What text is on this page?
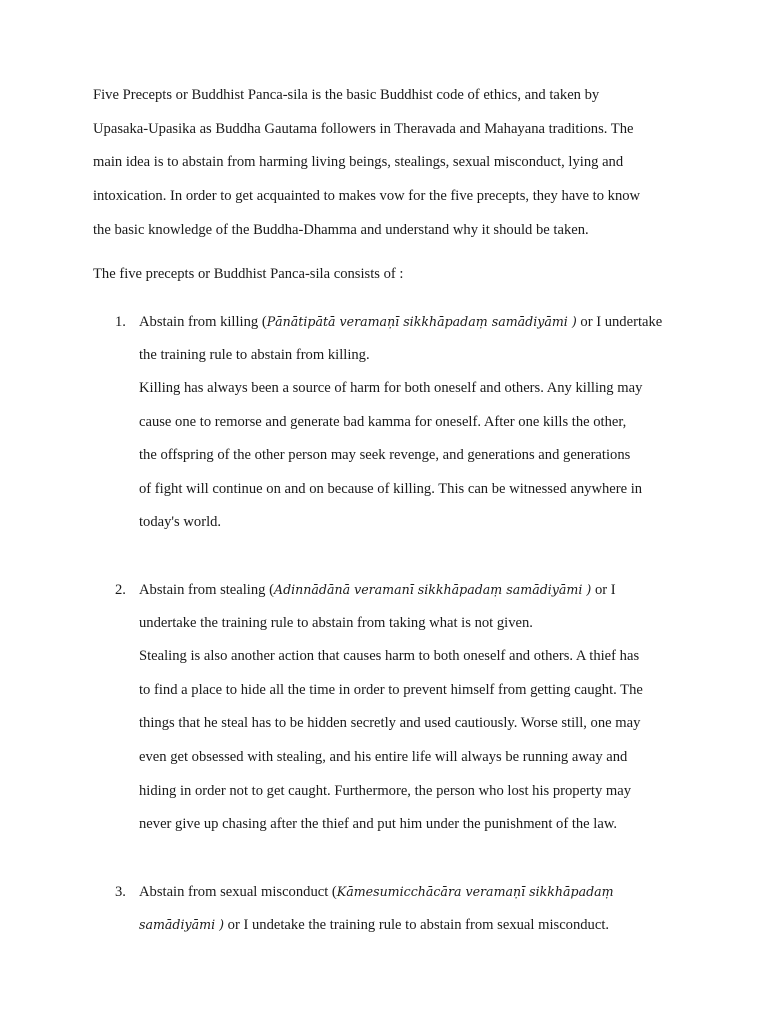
Five Precepts or Buddhist Panca-sila is the basic Buddhist code of ethics, and taken by
Upasaka-Upasika as Buddha Gautama followers in Theravada and Mahayana traditions. The
main idea is to abstain from harming living beings, stealings, sexual misconduct, lying and
intoxication. In order to get acquainted to makes vow for the five precepts, they have to know
the basic knowledge of the Buddha-Dhamma and understand why it should be taken.
The five precepts or Buddhist Panca-sila consists of :
1. Abstain from killing (Pānātipātā veramaṇī sikkhāpadaṃ samādiyāmi ) or I undertake
the training rule to abstain from killing.
Killing has always been a source of harm for both oneself and others. Any killing may
cause one to remorse and generate bad kamma for oneself. After one kills the other,
the offspring of the other person may seek revenge, and generations and generations
of fight will continue on and on because of killing. This can be witnessed anywhere in
today's world.
2. Abstain from stealing (Adinnādānā veramanī sikkhāpadaṃ samādiyāmi ) or I
undertake the training rule to abstain from taking what is not given.
Stealing is also another action that causes harm to both oneself and others. A thief has
to find a place to hide all the time in order to prevent himself from getting caught. The
things that he steal has to be hidden secretly and used cautiously. Worse still, one may
even get obsessed with stealing, and his entire life will always be running away and
hiding in order not to get caught. Furthermore, the person who lost his property may
never give up chasing after the thief and put him under the punishment of the law.
3. Abstain from sexual misconduct (Kāmesumicchācāra veramaṇī sikkhāpadaṃ
samādiyāmi ) or I undetake the training rule to abstain from sexual misconduct.
